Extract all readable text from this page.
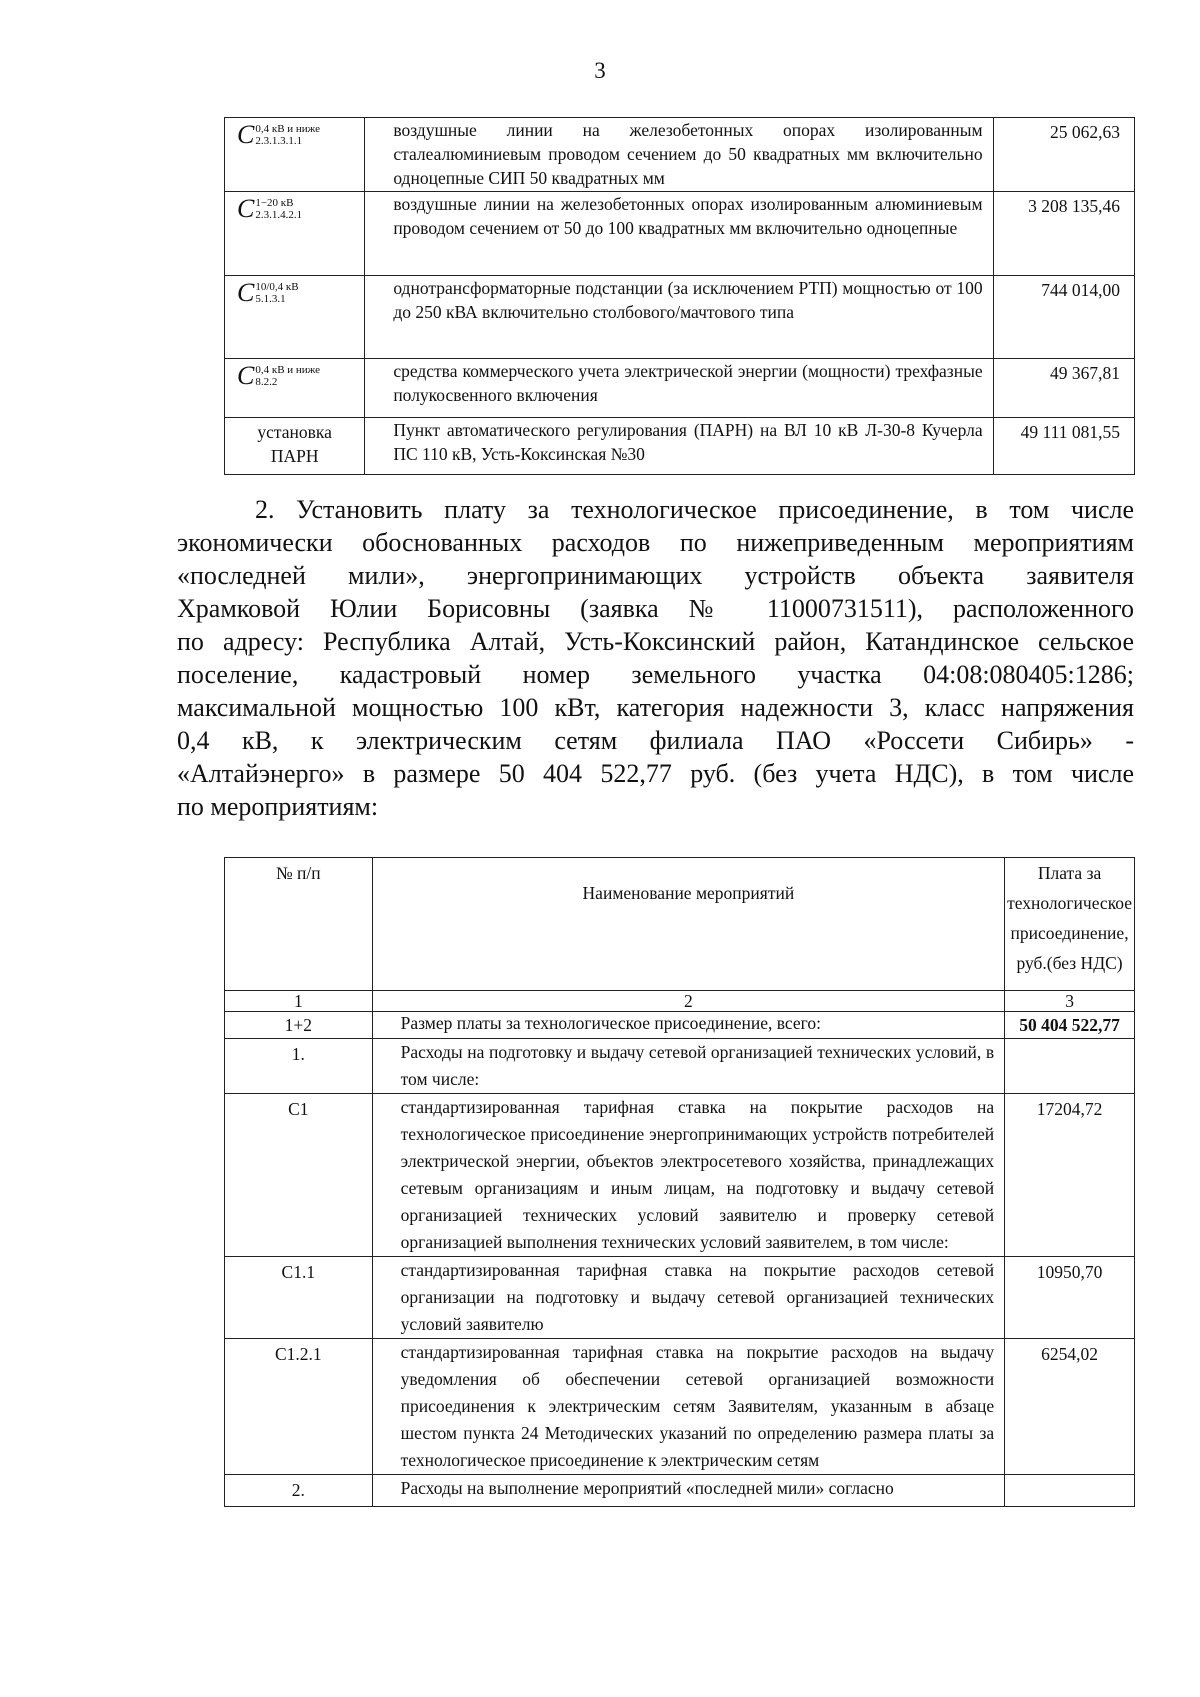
3
C 0,4 кВ и ниже
2.3.1.3.1.1	воздушные линии на железобетонных опорах изолированным сталеалюминиевым проводом сечением до 50 квадратных мм включительно одноцепные СИП 50 квадратных мм	25 062,63

C 1−20 кВ
2.3.1.4.2.1	воздушные линии на железобетонных опорах изолированным алюминиевым проводом сечением от 50 до 100 квадратных мм включительно одноцепные	3 208 135,46

C 10/0,4 кВ
5.1.3.1	однотрансформаторные подстанции (за исключением РТП) мощностью от 100 до 250 кВА включительно столбового/мачтового типа	744 014,00

C 0,4 кВ и ниже
8.2.2	средства коммерческого учета электрической энергии (мощности) трехфазные полукосвенного включения	49 367,81
установка
ПАРН	Пункт автоматического регулирования (ПАРН) на ВЛ 10 кВ Л-30-8 Кучерла ПС 110 кВ, Усть-Коксинская №30	49 111 081,55
2. Установить плату за технологическое присоединение, в том числе
экономически обоснованных расходов по нижеприведенным мероприятиям
«последней мили», энергопринимающих устройств объекта заявителя
Храмковой Юлии Борисовны (заявка № 11000731511), расположенного
по адресу: Республика Алтай, Усть-Коксинский район, Катандинское сельское
поселение, кадастровый номер земельного участка 04:08:080405:1286;
максимальной мощностью 100 кВт, категория надежности 3, класс напряжения
0,4 кВ, к электрическим сетям филиала ПАО «Россети Сибирь» -
«Алтайэнерго» в размере 50 404 522,77 руб. (без учета НДС), в том числе
по мероприятиям:
№ п/п	Наименование мероприятий	Плата за технологическое присоединение, руб.(без НДС)
1	2	3
1+2	Размер платы за технологическое присоединение, всего:	50 404 522,77
1.	Расходы на подготовку и выдачу сетевой организацией технических условий, в том числе:	
С1	стандартизированная тарифная ставка на покрытие расходов на технологическое присоединение энергопринимающих устройств потребителей электрической энергии, объектов электросетевого хозяйства, принадлежащих сетевым организациям и иным лицам, на подготовку и выдачу сетевой организацией технических условий заявителю и проверку сетевой организацией выполнения технических условий заявителем, в том числе:	17204,72
С1.1	стандартизированная тарифная ставка на покрытие расходов сетевой организации на подготовку и выдачу сетевой организацией технических условий заявителю	10950,70
С1.2.1	стандартизированная тарифная ставка на покрытие расходов на выдачу уведомления об обеспечении сетевой организацией возможности присоединения к электрическим сетям Заявителям, указанным в абзаце шестом пункта 24 Методических указаний по определению размера платы за технологическое присоединение к электрическим сетям	6254,02
2.	Расходы на выполнение мероприятий «последней мили» согласно	
